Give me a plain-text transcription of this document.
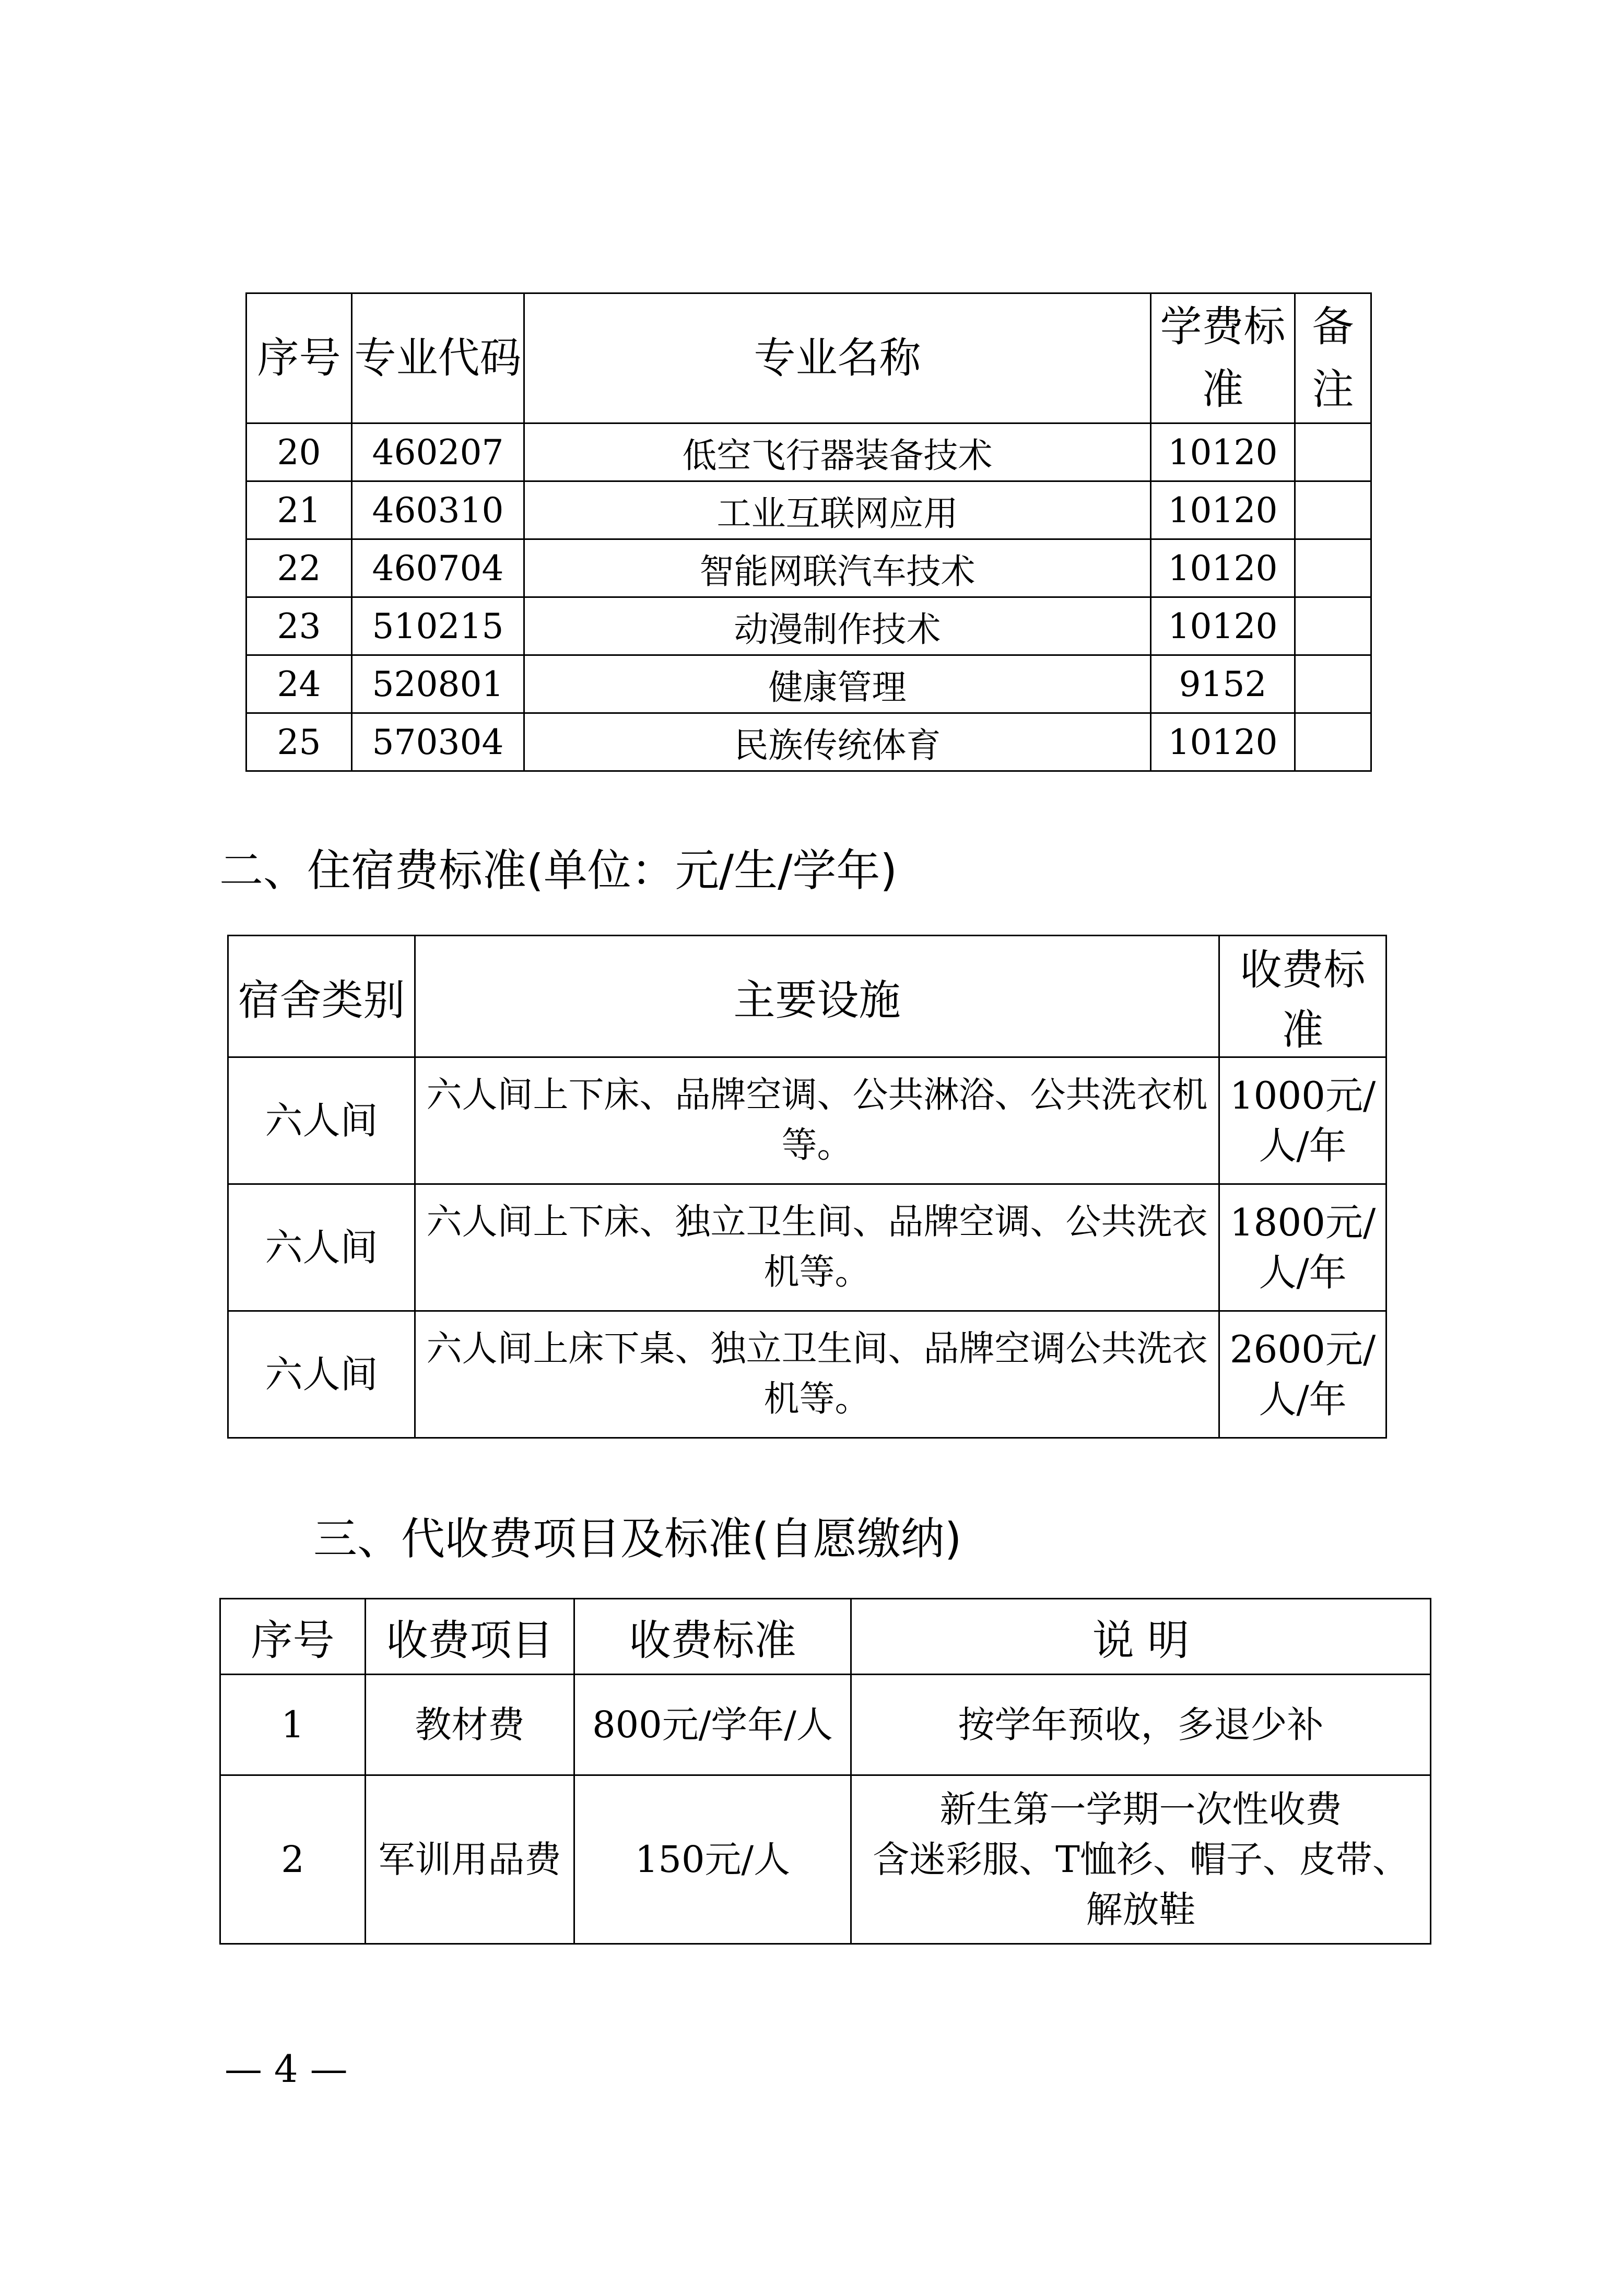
序号	专业代码	专业名称	学费标准	备注
20	460207	低空飞行器装备技术	10120	
21	460310	工业互联网应用	10120	
22	460704	智能网联汽车技术	10120	
23	510215	动漫制作技术	10120	
24	520801	健康管理	9152	
25	570304	民族传统体育	10120	
二、住宿费标准(单位：元/生/学年)
宿舍类别	主要设施	收费标准
六人间	六人间上下床、品牌空调、公共淋浴、公共洗衣机等。	1000元/人/年
六人间	六人间上下床、独立卫生间、品牌空调、公共洗衣机等。	1800元/人/年
六人间	六人间上床下桌、独立卫生间、品牌空调公共洗衣机等。	2600元/人/年
三、代收费项目及标准(自愿缴纳)
序号	收费项目	收费标准	说 明
1	教材费	800元/学年/人	按学年预收，多退少补

2	军训用品费	150元/人	新生第一学期一次性收费
含迷彩服、T恤衫、帽子、皮带、
解放鞋
— 4 —
